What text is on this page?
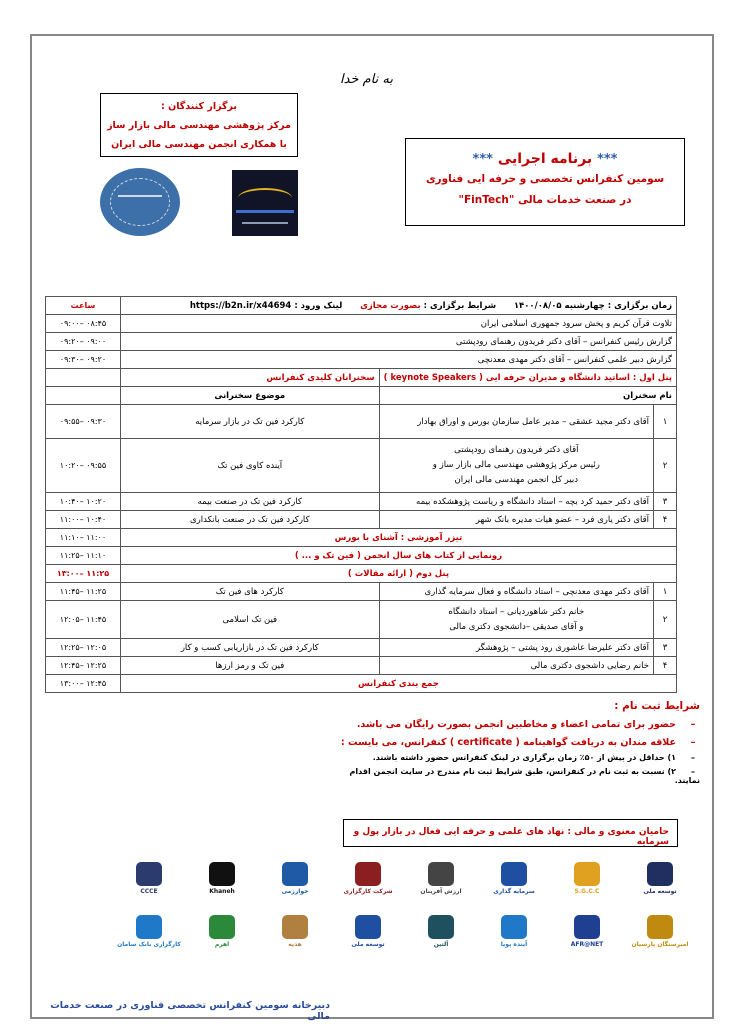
به نام خدا
برگزار کنندگان :
مرکز پژوهشی مهندسی مالی بازار ساز
با همکاری انجمن مهندسی مالی ایران
*** برنامه اجرایی ***
سومین کنفرانس تخصصی و حرفه ایی فناوری
در صنعت خدمات مالی "FinTech"
زمان برگزاری : چهارشنبه ۱۴۰۰/۰۸/۰۵      شرایط برگزاری : بصورت مجازی      لینک ورود : https://b2n.ir/x44694			ساعت
تلاوت قرآن کریم و پخش سرود جمهوری اسلامی ایران			۰۸:۴۵ –۰۹:۰۰
گزارش رئیس کنفرانس – آقای دکتر فریدون رهنمای رودپشتی			۰۹:۰۰ –۰۹:۲۰
گزارش دبیر علمی کنفرانس – آقای دکتر مهدی معدنچی			۰۹:۲۰ –۰۹:۳۰
پنل اول : اساتید دانشگاه و مدیران حرفه ایی ( keynote Speakers )		سخنرانان کلیدی کنفرانس	
نام سخنران		موضوع سخنرانی	
۱	آقای دکتر مجید عشقی – مدیر عامل سازمان بورس و اوراق بهادار	کارکرد فین تک در بازار سرمایه	۰۹:۳۰ –۰۹:۵۵
۲	آقای دکتر فریدون رهنمای رودپشتی
رئیس مرکز پژوهشی مهندسی مالی بازار ساز و
دبیر کل انجمن مهندسی مالی ایران	آینده کاوی فین تک	۰۹:۵۵ –۱۰:۲۰
۳	آقای دکتر حمید کرد بچه – استاد دانشگاه و ریاست پژوهشکده بیمه	کارکرد فین تک در صنعت بیمه	۱۰:۲۰ –۱۰:۴۰
۴	آقای دکتر یاری فرد – عضو هیات مدیره بانک شهر	کارکرد فین تک در صنعت بانکداری	۱۰:۴۰ –۱۱:۰۰
تیزر آموزشی : آشنای با بورس			۱۱:۰۰ –۱۱:۱۰
رونمایی از کتاب های سال انجمن ( فین تک و ... )			۱۱:۱۰ –۱۱:۲۵
پنل دوم ( ارائه مقالات )			۱۱:۲۵ –۱۳:۰۰
۱	آقای دکتر مهدی معدنچی – استاد دانشگاه و فعال سرمایه گذاری	کارکرد های فین تک	۱۱:۲۵ –۱۱:۴۵
۲	خانم دکتر شاهوردیانی – استاد دانشگاه
و آقای صدیقی –دانشجوی دکتری مالی	فین تک اسلامی	۱۱:۴۵ –۱۲:۰۵
۳	آقای دکتر علیرضا عاشوری رود پشتی – پژوهشگر	کارکرد فین تک در بازاریابی کسب و کار	۱۲:۰۵ –۱۲:۲۵
۴	خانم رضایی داشجوی دکتری مالی	فین تک و رمز ارزها	۱۲:۲۵ –۱۲:۴۵
جمع بندی کنفرانس			۱۲:۴۵ –۱۳:۰۰
شرایط ثبت نام :
–حضور برای تمامی اعضاء و مخاطبین انجمن بصورت رایگان می باشد.
–علاقه مندان به دریافت گواهینامه ( certificate ) کنفرانس، می بایست :
–۱) حداقل در بیش از ۵۰٪ زمان برگزاری در لینک کنفرانس حضور داشته باشند.
–۲) نسبت به ثبت نام در کنفرانس، طبق شرایط ثبت نام مندرج در سایت انجمن اقدام نمایند.
حامیان معنوی و مالی : نهاد های علمی و حرفه ایی فعال در بازار پول و سرمایه
CCCE	Khaneh	خوارزمی	شرکت کارگزاری	ارزش آفرینان	سرمایه گذاری	S.G.C.C	توسعه ملی
کارگزاری بانک سامان	اهرم	هدیه	توسعه ملی	آلتین	آینده پویا	AFR@NET	امیرسنگان پارسیان
دبیرخانه سومین کنفرانس تخصصی فناوری در صنعت خدمات مالی
